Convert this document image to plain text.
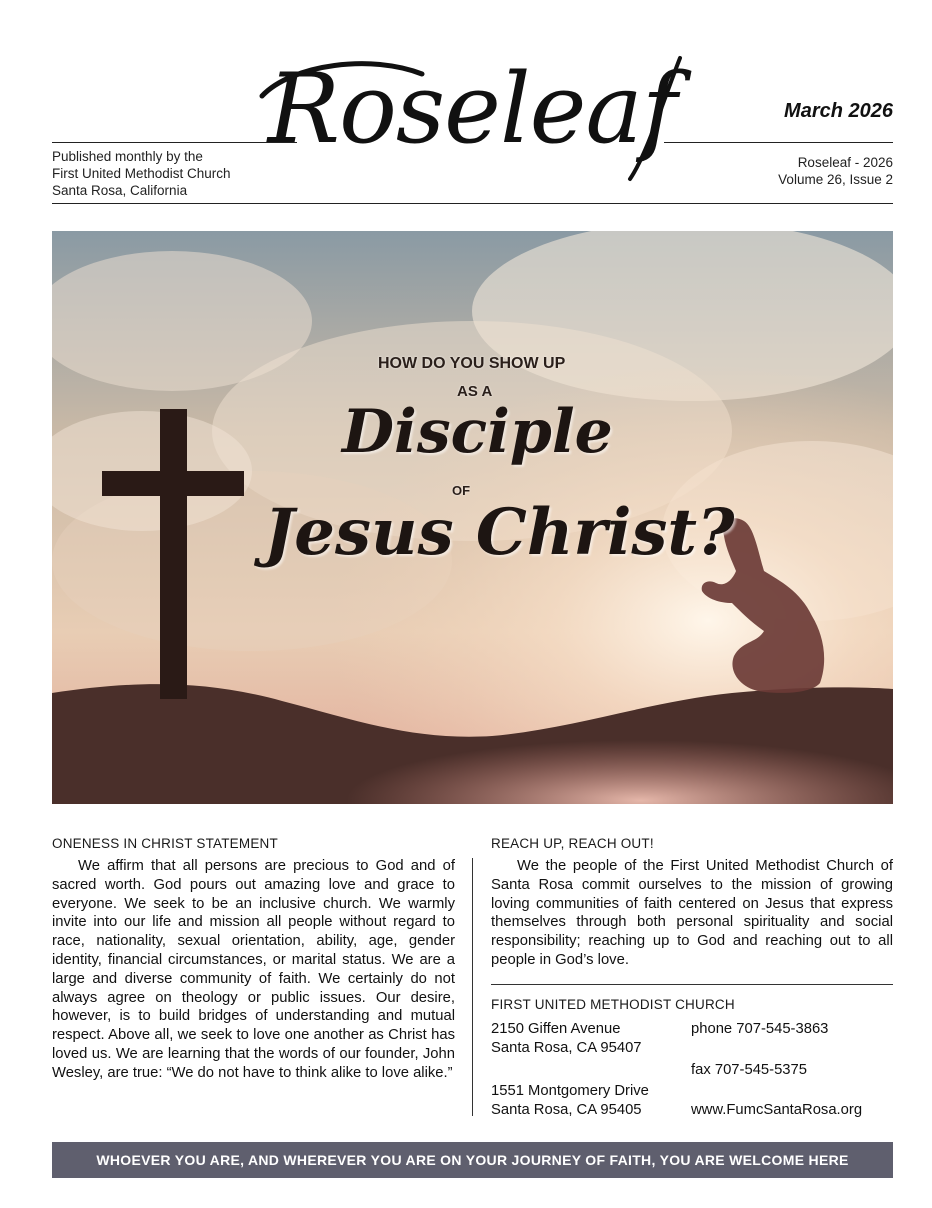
Roseleaf
Published monthly by the
First United Methodist Church
Santa Rosa, California
March 2026
Roseleaf - 2026
Volume 26, Issue 2
HOW DO YOU SHOW UP
AS A
Disciple
OF
Jesus Christ?
ONENESS IN CHRIST STATEMENT

We affirm that all persons are precious to God and of sacred worth. God pours out amazing love and grace to everyone. We seek to be an inclusive church. We warmly invite into our life and mission all people without regard to race, nationality, sexual orientation, ability, age, gender identity, financial circumstances, or marital status. We are a large and diverse community of faith. We certainly do not always agree on theology or public issues. Our desire, however, is to build bridges of understanding and mutual respect. Above all, we seek to love one another as Christ has loved us. We are learning that the words of our founder, John Wesley, are true: “We do not have to think alike to love alike.”

REACH UP, REACH OUT!

We the people of the First United Methodist Church of Santa Rosa commit ourselves to the mission of growing loving communities of faith centered on Jesus that express themselves through both personal spirituality and social responsibility; reaching up to God and reaching out to all people in God’s love.

FIRST UNITED METHODIST CHURCH
2150 Giffen Avenue
Santa Rosa, CA 95407
phone 707-545-3863
fax 707-545-5375
1551 Montgomery Drive
Santa Rosa, CA 95405	www.FumcSantaRosa.org
WHOEVER YOU ARE, AND WHEREVER YOU ARE ON YOUR JOURNEY OF FAITH, YOU ARE WELCOME HERE
